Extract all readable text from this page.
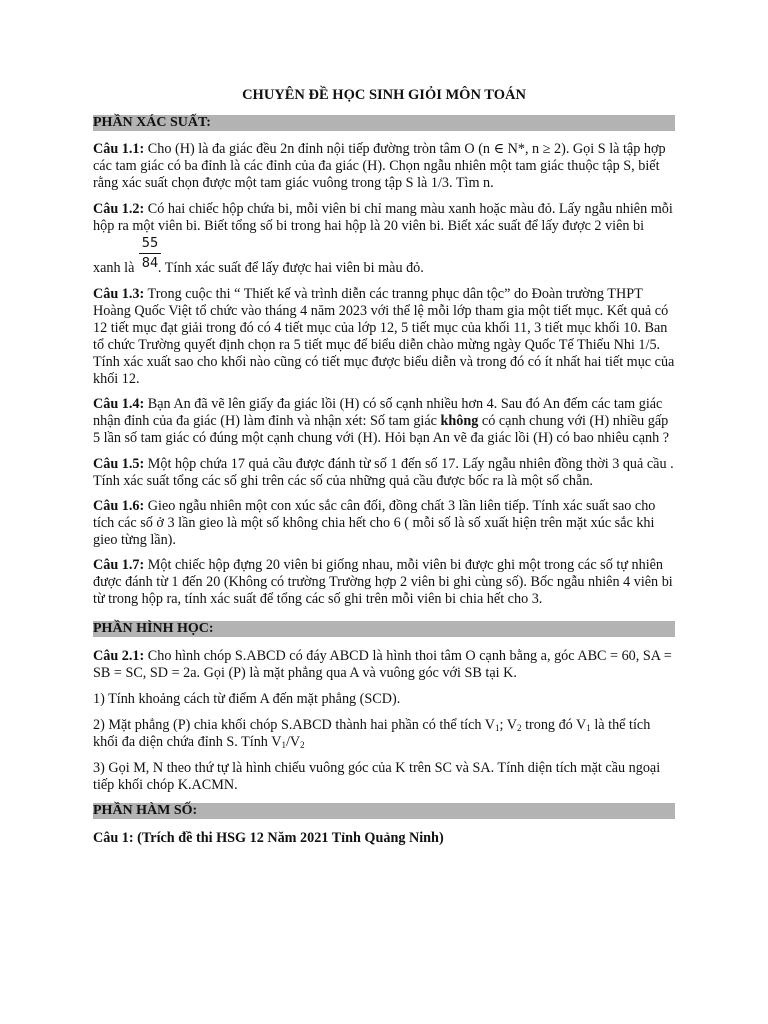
CHUYÊN ĐỀ HỌC SINH GIỎI MÔN TOÁN
PHẦN XÁC SUẤT:
Câu 1.1: Cho (H) là đa giác đều 2n đỉnh nội tiếp đường tròn tâm O (n ∈ N*, n ≥ 2). Gọi S là tập hợp
các tam giác có ba đỉnh là các đỉnh của đa giác (H). Chọn ngẫu nhiên một tam giác thuộc tập S, biết
rằng xác suất chọn được một tam giác vuông trong tập S là 1/3. Tìm n.
Câu 1.2: Có hai chiếc hộp chứa bi, mỗi viên bi chỉ mang màu xanh hoặc màu đỏ. Lấy ngẫu nhiên mỗi
hộp ra một viên bi. Biết tổng số bi trong hai hộp là 20 viên bi. Biết xác suất để lấy được 2 viên bi
55
84
xanh là . Tính xác suất để lấy được hai viên bi màu đỏ.
Câu 1.3: Trong cuộc thi “ Thiết kế và trình diễn các tranng phục dân tộc” do Đoàn trường THPT
Hoàng Quốc Việt tổ chức vào tháng 4 năm 2023 với thể lệ mỗi lớp tham gia một tiết mục. Kết quả có
12 tiết mục đạt giải trong đó có 4 tiết mục của lớp 12, 5 tiết mục của khối 11, 3 tiết mục khối 10. Ban
tổ chức Trường quyết định chọn ra 5 tiết mục để biểu diễn chào mừng ngày Quốc Tế Thiếu Nhi 1/5.
Tính xác xuất sao cho khối nào cũng có tiết mục được biểu diễn và trong đó có ít nhất hai tiết mục của
khối 12.
Câu 1.4: Bạn An đã vẽ lên giấy đa giác lồi (H) có số cạnh nhiều hơn 4. Sau đó An đếm các tam giác
nhận đỉnh của đa giác (H) làm đỉnh và nhận xét: Số tam giác không có cạnh chung với (H) nhiều gấp
5 lần số tam giác có đúng một cạnh chung với (H). Hỏi bạn An vẽ đa giác lồi (H) có bao nhiêu cạnh ?
Câu 1.5: Một hộp chứa 17 quả cầu được đánh từ số 1 đến số 17. Lấy ngẫu nhiên đồng thời 3 quả cầu .
Tính xác suất tổng các số ghi trên các số của những quả cầu được bốc ra là một số chẵn.
Câu 1.6: Gieo ngẫu nhiên một con xúc sắc cân đối, đồng chất 3 lần liên tiếp. Tính xác suất sao cho
tích các số ở 3 lần gieo là một số không chia hết cho 6 ( mỗi số là số xuất hiện trên mặt xúc sắc khi
gieo từng lần).
Câu 1.7: Một chiếc hộp đựng 20 viên bi giống nhau, mỗi viên bi được ghi một trong các số tự nhiên
được đánh từ 1 đến 20 (Không có trường Trường hợp 2 viên bi ghi cùng số). Bốc ngẫu nhiên 4 viên bi
từ trong hộp ra, tính xác suất để tổng các số ghi trên mỗi viên bi chia hết cho 3.
PHẦN HÌNH HỌC:
Câu 2.1: Cho hình chóp S.ABCD có đáy ABCD là hình thoi tâm O cạnh bằng a, góc ABC = 60, SA =
SB = SC, SD = 2a. Gọi (P) là mặt phẳng qua A và vuông góc với SB tại K.
1) Tính khoảng cách từ điểm A đến mặt phẳng (SCD).
2) Mặt phẳng (P) chia khối chóp S.ABCD thành hai phần có thể tích $V_1$; $V_2$ trong đó $V_1$ là thể tích
khối đa diện chứa đỉnh S. Tính $V_1/V_2$
3) Gọi M, N theo thứ tự là hình chiếu vuông góc của K trên SC và SA. Tính diện tích mặt cầu ngoại
tiếp khối chóp K.ACMN.
PHẦN HÀM SỐ:
Câu 1: (Trích đề thi HSG 12 Năm 2021 Tỉnh Quảng Ninh)
